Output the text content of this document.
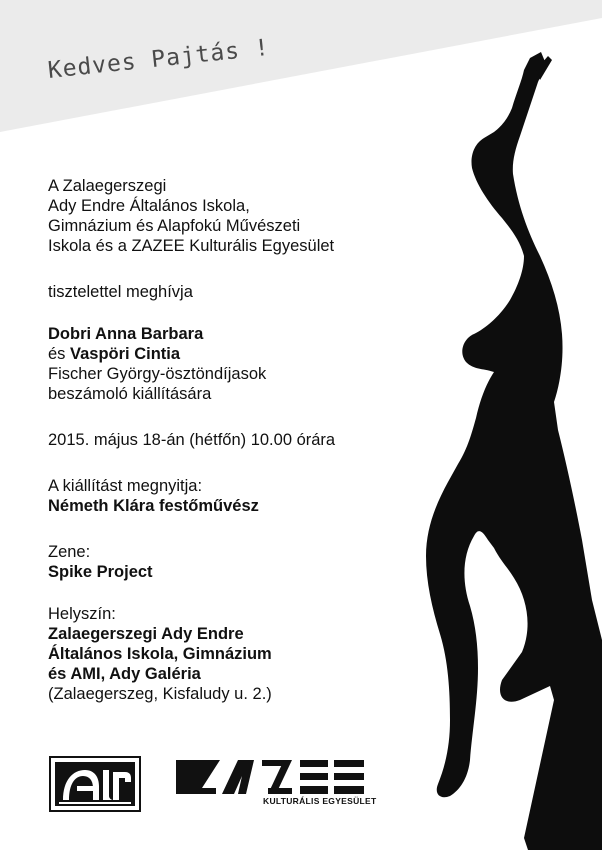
Kedves Pajtás !
A Zalaegerszegi
Ady Endre Általános Iskola,
Gimnázium és Alapfokú Művészeti
Iskola és a ZAZEE Kulturális Egyesület
tisztelettel meghívja
Dobri Anna Barbara
és Vaspöri Cintia
Fischer György-ösztöndíjasok
beszámoló kiállítására
2015. május 18-án (hétfőn) 10.00 órára
A kiállítást megnyitja:
Németh Klára festőművész
Zene:
Spike Project
Helyszín:
Zalaegerszegi Ady Endre
Általános Iskola, Gimnázium
és AMI, Ady Galéria
(Zalaegerszeg, Kisfaludy u. 2.)
KULTURÁLIS EGYESÜLET
